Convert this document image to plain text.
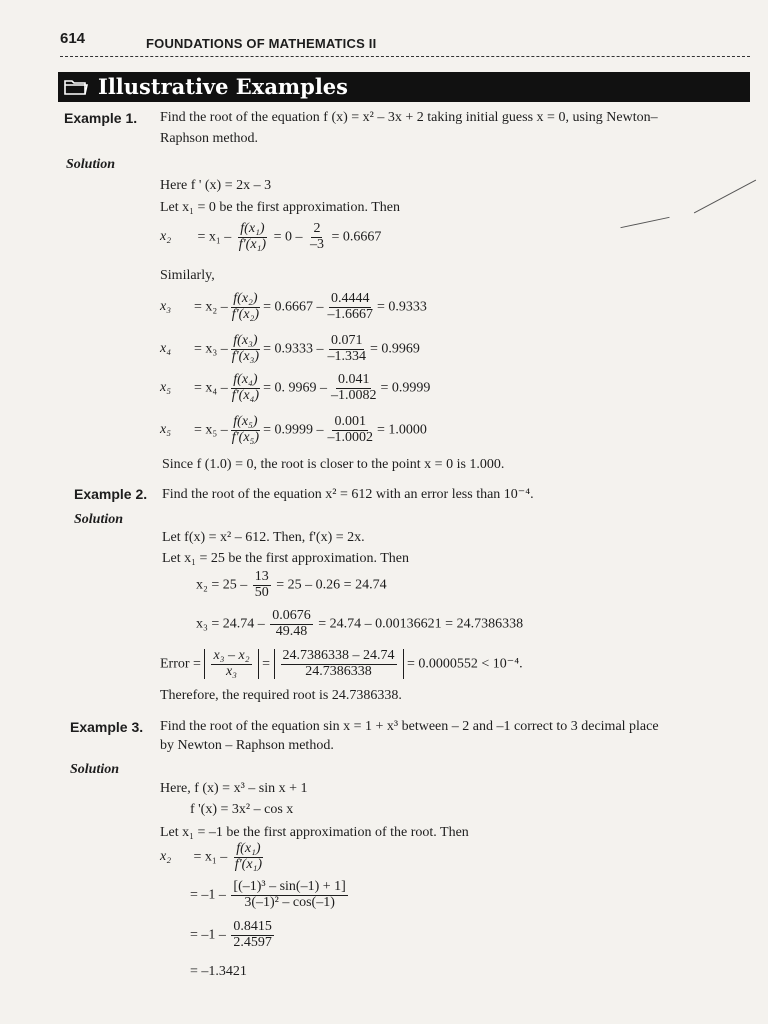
614	FOUNDATIONS OF MATHEMATICS II
Illustrative Examples
Example 1. Find the root of the equation f (x) = x² – 3x + 2 taking initial guess x = 0, using Newton–
Raphson method.
Solution
Here f ' (x) = 2x – 3
Let x₁ = 0 be the first approximation. Then
$x_2 = x_1 - \frac{\text{f(x₁)}}{\text{f'(x₁)}} = 0 - \frac{2}{-3} = 0.6667$
Similarly,
$x_3 = x_2 - \frac{\text{f(x₂)}}{\text{f'(x₂)}} = 0.6667 - \frac{0.4444}{-1.6667} = 0.9333$
$x_4 = x_3 - \frac{\text{f(x₃)}}{\text{f'(x₃)}} = 0.9333 - \frac{0.071}{-1.334} = 0.9969$
$x_5 = x_4 - \frac{\text{f(x₄)}}{\text{f'(x₄)}} = 0$. $9969 - \frac{0.041}{-1.0082} = 0.9999$
$x_5 = x_5 - \frac{\text{f(x₅)}}{\text{f'(x₅)}} = 0.9999 - \frac{0.001}{-1.0002} = 1.0000$
Since f (1.0) = 0, the root is closer to the point x = 0 is 1.000.
Example 2. Find the root of the equation x² = 612 with an error less than 10⁻⁴.
Solution
Let f(x) = x² – 612. Then, f'(x) = 2x.
Let x₁ = 25 be the first approximation. Then
$x_2 = 25 - \frac{13}{50} = 25 - 0.26 = 24.74$
$x_3 = 24.74 - \frac{0.0676}{49.48} = 24.74 - 0.00136621 = 24.7386338$
Error = $\frac{\text{x₃ – x₂}}{\text{x₃}} = \frac{24.7386338 - 24.74}{24.7386338} = 0.0000552 < 10^{-4}$.
Therefore, the required root is 24.7386338.
Example 3. Find the root of the equation sin x = 1 + x³ between – 2 and –1 correct to 3 decimal place
by Newton – Raphson method.
Solution
Here, f (x) = x³ – sin x + 1
f '(x) = 3x² – cos x
Let x₁ = –1 be the first approximation of the root. Then
$x_2 = x_1 - \frac{\text{f(x₁)}}{\text{f'(x₁)}}$
= $-1 - \frac{\text{[(–1)³ – sin(–1) + 1]}}{\text{3(–1)² – cos(–1)}}$
= $-1 - \frac{0.8415}{2.4597}$
= –1.3421
